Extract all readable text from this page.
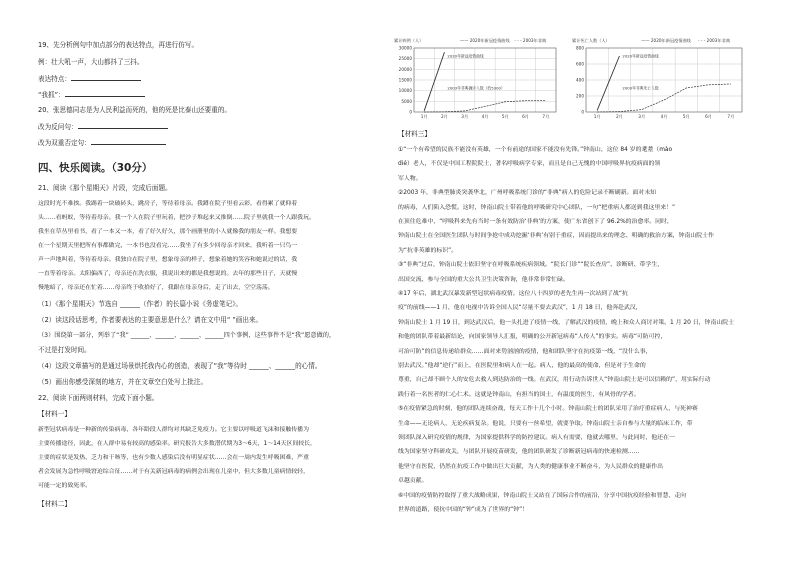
19、先分析例句中加点部分的表达特点，再进行仿写。
例：壮大吼一声，大山都抖了三抖。
表达特点：
“我抓”：
20、张思德同志是为人民利益而死的，他的死是比泰山还要重的。
改为反问句：
改为双重否定句：
四、快乐阅读。（30分）
21、阅读《那个星期天》片段，完成后面题。
这段时光不难挨。我踢着一块破砖头，跳房子，等待着母亲。我蹲在院子里看云彩，看得累了就仰着
头……看蚂蚁，等待着母亲。我一个人在院子里玩着，把沙子堆起来又推倒……院子里就我一个人跟我玩。
我坐在草丛里看书，看了一本又一本，看了好久好久，那个画册里的小人就像我的朋友一样。我想要
在一个星期天里把所有事都做完，一本书也没看完……我坐了有多少回母亲才回来，我听着一只鸟一
声一声地叫着，等待着母亲。我独自在院子里，想象母亲的样子，想象着她的笑容和她说过的话，我
一直等着母亲。太阳偏西了，母亲还在洗衣服，我说出来的都是我想说的。去年的那些日子，天就慢
慢地暗了，母亲还在忙着……母亲终于收拾好了，我跟在母亲身后，走了出去，空空荡荡。
（1）《那个星期天》节选自 ______（作者）的长篇小说《务虚笔记》。
（2）读这段话思考，作者要表达的主要意思是什么？请在文中用“ ”画出来。
（3）围绕第一部分，列举了“我” ______、______、______、______四个事例，这些事件不是“我”愿意做的，
不过是打发时间。
（4）这段文章描写的是通过场景烘托我内心的创造，表现了“我”等待时 ______、______的心情。
（5）画出你感受深刻的地方，并在文章空白处写上批注。
22、阅读下面两则材料，完成下面小题。
【材料一】
新型冠状病毒是一种新的传染病毒，各年龄段人群均对其缺乏免疫力。它主要以呼吸道飞沫和接触传播为
主要传播途径，因此，在人群中易有较高的感染率。研究报告大多数潜伏期为3～6天，1～14天区间较长，
主要的症状是发热、乏力和干咳等，也有少数人感染后没有明显症状……会在一周内发生呼吸困难，严重
者会发展为急性呼吸窘迫综合征……对于有关新冠病毒的病例会出现在儿童中，但大多数儿童病情较轻，
可能一定的致死率。
【材料二】
0
5000
10000
15000
20000
25000
30000
1月	2月	3月	4月	5月	6月	7月
累计病例（人）	—— 2020年新冠疫情曲线 - - - 2003年非典
2020年新冠疫情曲线
2003年非典确诊人数（约5300）
0
200
400
600
800
1月	2月	3月	4月	5月	6月	7月
累计死亡人数（人）	—— 2020年新冠疫情曲线 - - - 2003年非典
2020年新冠疫情曲线
2003年非典死亡人数
【材料三】
①“一个有希望的民族不能没有英雄，一个有前途的国家不能没有先锋。”钟南山，这位 84 岁的耄耋（mào
dié）老人，不仅是中国工程院院士，著名呼吸病学专家，而且是自己无愧的中国呼吸界抗疫病面的领
军人物。
②2003 年，非典型肺炎突袭华北，广州呼吸系统门诊的“非典”病人的危险记录不断刷新。面对未知
的病毒，人们陷入恐慌。这时，钟南山院士带着他的呼吸研究中心团队，一句“把重病人都送到我这里来！”
在顶住危难中，“呼吸科来先有当时一条有效防治‘非典’的方案，使广东省创下了 96.2%的治愈率。同时，
钟南山院士在全国医生团队与时间争抢中成功挖掘‘非典’有别于重症，因而提出来的理念、明确的救治方案，钟南山院士作
为“抗非英雄的标识”。
③“非典”过后，钟南山院士依旧坚守在呼吸系统疾病领域。“院长门诊”“院长查房”、诊断研、带学生，
出国交流、参与全国的重大公共卫生决策咨询，他非常非常忙碌。
④17 年后，湖北武汉暴发新型冠状病毒疫情。这位八十四岁的老先生再一次站到了战“抗
疫”的前线——1 月，他在电视中告诉全国人民“尽量不要去武汉”，1 月 18 日，他奔赴武汉，
钟南山院士 1 月 19 日，到达武汉后，他一头扎进了疫情一线，了解武汉的疫情，晚上和众人商讨对策。1 月 20 日，钟南山院士
和他的团队带着最新结论，向国家领导人汇报，明确的公开新冠病毒“人传人”的事实。病毒“可防可控，
可治可防”的信息传递给群众……面对来势汹汹的疫情，他和团队坚守在抗疫第一线，“没什么事，
别去武汉。”他却“逆行”而上，在医院里和病人在一起。病人，他的最高的使命，但是对于生命的
尊重，自己却不顾个人的安危去救人到达防治的一线。在武汉，用行动告诉世人“钟南山院士是可以信赖的”，用实际行动
践行着一名医者的仁心仁术。这就是钟南山，有担当的国士，有温度的医生，有风骨的学者。
⑤在疫情紧急的时刻，他的团队连续奋战，每天工作十几个小时。钟南山院士的团队采用了治疗重症病人，与死神赛
生命——无论病人，无论疾病复杂。他说，只要有一丝希望，就要争取。钟南山院士亲自参与大量的临床工作，带
领团队深入研究疫情的规律，为国家提供科学的防控建议。病人有需要，他就去哪里，与此同时，他还在一
线为国家坚守科研攻关，与团队开展疫苗研发，他的团队研发了诊断新冠病毒的快速检测……
他坚守在医院，仍然在抗疫工作中做出巨大贡献，为人类的健康事业不断奋斗，为人民群众的健康作出
卓越贡献。
⑥中国的疫情防控取得了重大战略成果，钟南山院士又站在了国际合作的前沿，分享中国抗疫经验和智慧，走向
世界的道路，使抗中国的“钟”成为了世界的“钟”！
